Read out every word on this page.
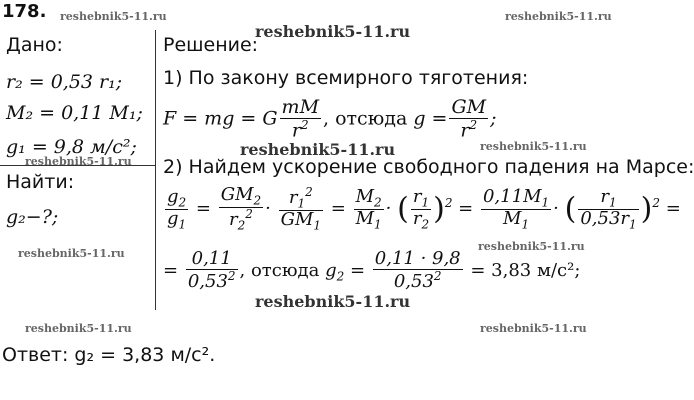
178. reshebnik5-11.ru	reshebnik5-11.ru
reshebnik5-11.ru
reshebnik5-11.ru	reshebnik5-11.ru
reshebnik5-11.ru
reshebnik5-11.ru
reshebnik5-11.ru
reshebnik5-11.ru
reshebnik5-11.ru	reshebnik5-11.ru
Дано:
r₂ = 0,53 r₁;
M₂ = 0,11 M₁;
g₁ = 9,8 м/с²;
Найти:
g₂−?;
Решение:
1) По закону всемирного тяготения:
F = mg = G $\frac{mM}{r^2}$ , отсюда $g = \frac{GM}{r^2}$ ;
2) Найдем ускорение свободного падения на Марсе:
$\frac{g_2}{g_1} = \frac{GM_2}{r_2^2} \cdot \frac{r_1^2}{GM_1} = \frac{M_2}{M_1}$ · ( $\frac{r_1}{r_2} )^2 = \frac{0,11M_1}{M_1}$ · ( $\frac{r_1}{0,53r_1} )^2$ =
= $\frac{0,11}{0,53^2}$ , отсюда $g_2 = \frac{0,11 \cdot 9,8}{0,53^2} = 3,83$ м/с²;
Ответ: g₂ = 3,83 м/с².
